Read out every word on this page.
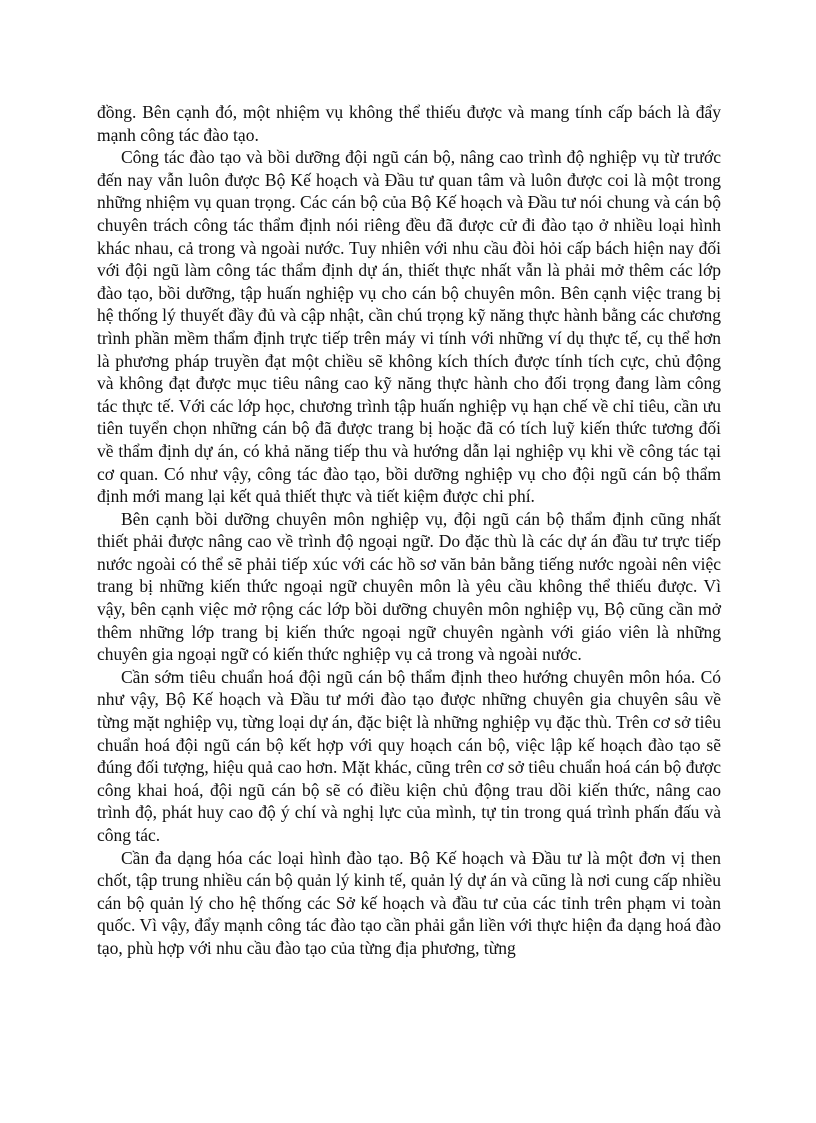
đồng. Bên cạnh đó, một nhiệm vụ không thể thiếu được và mang tính cấp bách là đẩy mạnh công tác đào tạo.

Công tác đào tạo và bồi dưỡng đội ngũ cán bộ, nâng cao trình độ nghiệp vụ từ trước đến nay vẫn luôn được Bộ Kế hoạch và Đầu tư quan tâm và luôn được coi là một trong những nhiệm vụ quan trọng. Các cán bộ của Bộ Kế hoạch và Đầu tư nói chung và cán bộ chuyên trách công tác thẩm định nói riêng đều đã được cử đi đào tạo ở nhiều loại hình khác nhau, cả trong và ngoài nước. Tuy nhiên với nhu cầu đòi hỏi cấp bách hiện nay đối với đội ngũ làm công tác thẩm định dự án, thiết thực nhất vẫn là phải mở thêm các lớp đào tạo, bồi dưỡng, tập huấn nghiệp vụ cho cán bộ chuyên môn. Bên cạnh việc trang bị hệ thống lý thuyết đầy đủ và cập nhật, cần chú trọng kỹ năng thực hành bằng các chương trình phần mềm thẩm định trực tiếp trên máy vi tính với những ví dụ thực tế, cụ thể hơn là phương pháp truyền đạt một chiều sẽ không kích thích được tính tích cực, chủ động và không đạt được mục tiêu nâng cao kỹ năng thực hành cho đối trọng đang làm công tác thực tế. Với các lớp học, chương trình tập huấn nghiệp vụ hạn chế về chỉ tiêu, cần ưu tiên tuyển chọn những cán bộ đã được trang bị hoặc đã có tích luỹ kiến thức tương đối về thẩm định dự án, có khả năng tiếp thu và hướng dẫn lại nghiệp vụ khi về công tác tại cơ quan. Có như vậy, công tác đào tạo, bồi dưỡng nghiệp vụ cho đội ngũ cán bộ thẩm định mới mang lại kết quả thiết thực và tiết kiệm được chi phí.

Bên cạnh bồi dưỡng chuyên môn nghiệp vụ, đội ngũ cán bộ thẩm định cũng nhất thiết phải được nâng cao về trình độ ngoại ngữ. Do đặc thù là các dự án đầu tư trực tiếp nước ngoài có thể sẽ phải tiếp xúc với các hồ sơ văn bản bằng tiếng nước ngoài nên việc trang bị những kiến thức ngoại ngữ chuyên môn là yêu cầu không thể thiếu được. Vì vậy, bên cạnh việc mở rộng các lớp bồi dưỡng chuyên môn nghiệp vụ, Bộ cũng cần mở thêm những lớp trang bị kiến thức ngoại ngữ chuyên ngành với giáo viên là những chuyên gia ngoại ngữ có kiến thức nghiệp vụ cả trong và ngoài nước.

Cần sớm tiêu chuẩn hoá đội ngũ cán bộ thẩm định theo hướng chuyên môn hóa. Có như vậy, Bộ Kế hoạch và Đầu tư mới đào tạo được những chuyên gia chuyên sâu về từng mặt nghiệp vụ, từng loại dự án, đặc biệt là những nghiệp vụ đặc thù. Trên cơ sở tiêu chuẩn hoá đội ngũ cán bộ kết hợp với quy hoạch cán bộ, việc lập kế hoạch đào tạo sẽ đúng đối tượng, hiệu quả cao hơn. Mặt khác, cũng trên cơ sở tiêu chuẩn hoá cán bộ được công khai hoá, đội ngũ cán bộ sẽ có điều kiện chủ động trau dồi kiến thức, nâng cao trình độ, phát huy cao độ ý chí và nghị lực của mình, tự tin trong quá trình phấn đấu và công tác.

Cần đa dạng hóa các loại hình đào tạo. Bộ Kế hoạch và Đầu tư là một đơn vị then chốt, tập trung nhiều cán bộ quản lý kinh tế, quản lý dự án và cũng là nơi cung cấp nhiều cán bộ quản lý cho hệ thống các Sở kế hoạch và đầu tư của các tỉnh trên phạm vi toàn quốc. Vì vậy, đẩy mạnh công tác đào tạo cần phải gắn liền với thực hiện đa dạng hoá đào tạo, phù hợp với nhu cầu đào tạo của từng địa phương, từng
